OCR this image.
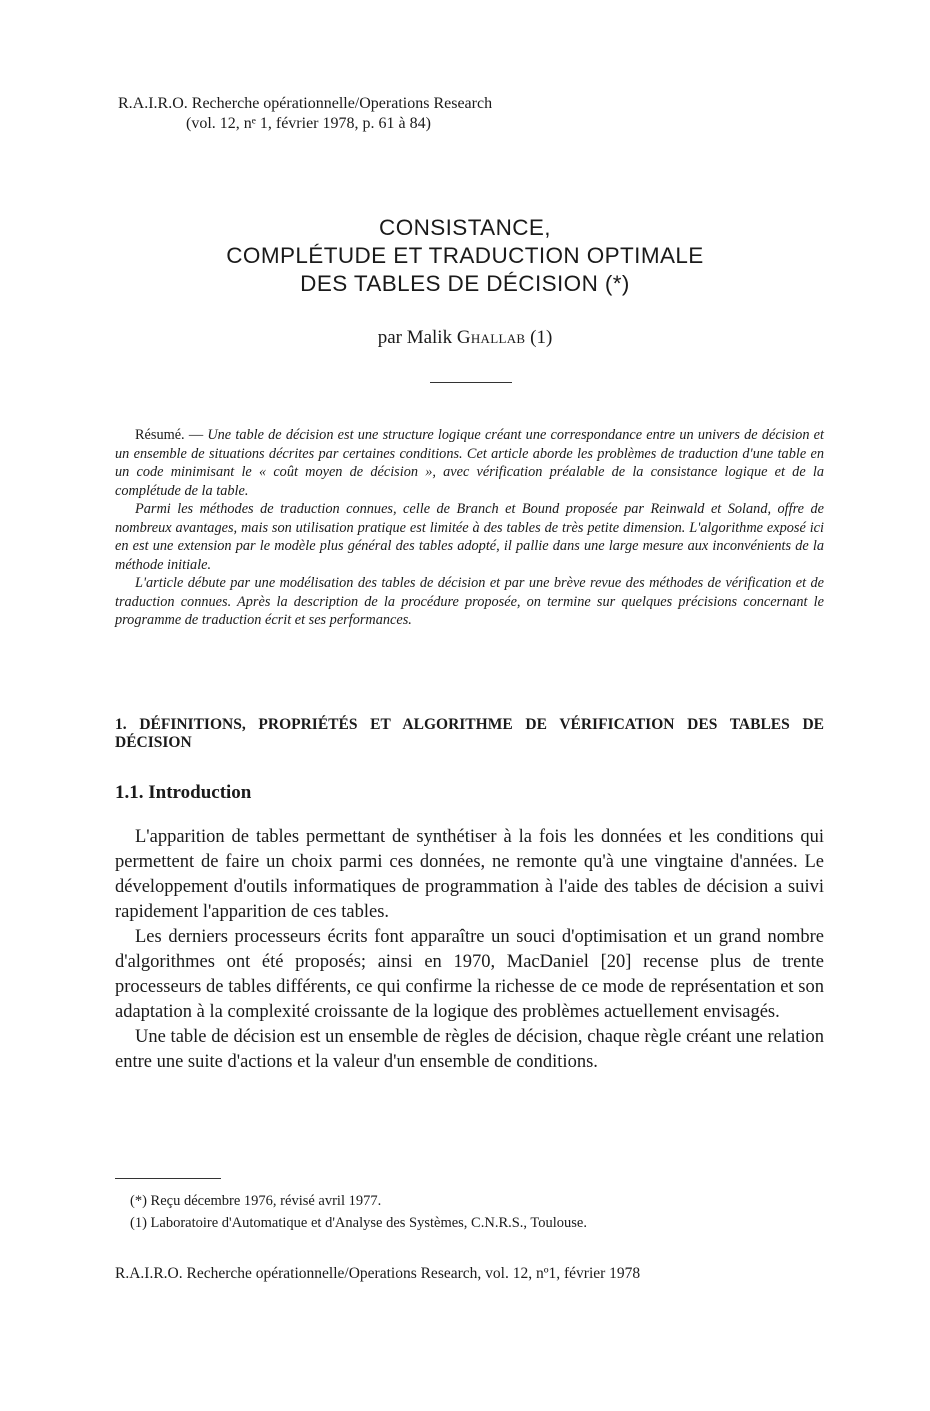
R.A.I.R.O. Recherche opérationnelle/Operations Research
(vol. 12, nᵉ 1, février 1978, p. 61 à 84)
CONSISTANCE,
COMPLÉTUDE ET TRADUCTION OPTIMALE
DES TABLES DE DÉCISION (*)
par Malik Ghallab (1)

Résumé. — Une table de décision est une structure logique créant une correspondance entre un univers de décision et un ensemble de situations décrites par certaines conditions. Cet article aborde les problèmes de traduction d'une table en un code minimisant le « coût moyen de décision », avec vérification préalable de la consistance logique et de la complétude de la table.

Parmi les méthodes de traduction connues, celle de Branch et Bound proposée par Reinwald et Soland, offre de nombreux avantages, mais son utilisation pratique est limitée à des tables de très petite dimension. L'algorithme exposé ici en est une extension par le modèle plus général des tables adopté, il pallie dans une large mesure aux inconvénients de la méthode initiale.

L'article débute par une modélisation des tables de décision et par une brève revue des méthodes de vérification et de traduction connues. Après la description de la procédure proposée, on termine sur quelques précisions concernant le programme de traduction écrit et ses performances.

1. DÉFINITIONS, PROPRIÉTÉS ET ALGORITHME DE VÉRIFICATION DES TABLES DE DÉCISION
1.1. Introduction

L'apparition de tables permettant de synthétiser à la fois les données et les conditions qui permettent de faire un choix parmi ces données, ne remonte qu'à une vingtaine d'années. Le développement d'outils informatiques de programmation à l'aide des tables de décision a suivi rapidement l'apparition de ces tables.

Les derniers processeurs écrits font apparaître un souci d'optimisation et un grand nombre d'algorithmes ont été proposés; ainsi en 1970, MacDaniel [20] recense plus de trente processeurs de tables différents, ce qui confirme la richesse de ce mode de représentation et son adaptation à la complexité croissante de la logique des problèmes actuellement envisagés.

Une table de décision est un ensemble de règles de décision, chaque règle créant une relation entre une suite d'actions et la valeur d'un ensemble de conditions.

(*) Reçu décembre 1976, révisé avril 1977.

(1) Laboratoire d'Automatique et d'Analyse des Systèmes, C.N.R.S., Toulouse.

R.A.I.R.O. Recherche opérationnelle/Operations Research, vol. 12, nº1, février 1978
